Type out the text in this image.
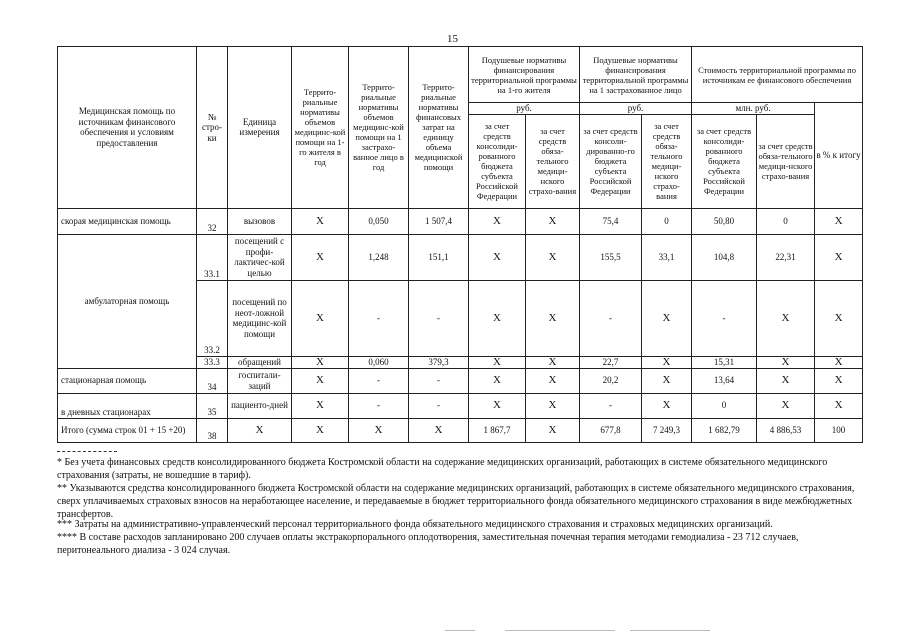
15
Медицинская помощь по источникам финансового обеспечения и условиям предоставления	№ стро-ки	Единица измерения	Террито-риальные нормативы объемов медицинс-кой помощи на 1-го жителя в год	Террито-риальные нормативы объемов медицинс-кой помощи на 1 застрахо-ванное лицо в год	Террито-риальные нормативы финансовых затрат на единицу объема медицинской помощи	Подушевые нормативы финансирования территориальной программы на 1-го жителя		Подушевые нормативы финансирования территориальной программы на 1 застрахованное лицо		Стоимость территориальной программы по источникам ее финансового обеспечения		
						руб.		руб.		млн. руб.		в % к итогу
						за счет средств консолиди-рованного бюджета субъекта Российской Федерации	за счет средств обяза-тельного медици-нского страхо-вания	за счет средств консоли-дированно-го бюджета субъекта Российской Федерации	за счет средств обяза-тельного медици-нского страхо-вания	за счет средств консолиди-рованного бюджета субъекта Российской Федерации	за счет средств обяза-тельного медици-нского страхо-вания	
скорая медицинская помощь	32	вызовов	X	0,050	1 507,4	X	X	75,4	0	50,80	0	X
амбулаторная помощь	33.1	посещений с профи-лактичес-кой целью	X	1,248	151,1	X	X	155,5	33,1	104,8	22,31	X
	33.2	посещений по неот-ложной медицинс-кой помощи	X	-	-	X	X	-	X	-	X	X
	33.3	обращений	X	0,060	379,3	X	X	22,7	X	15,31	X	X
стационарная помощь	34	госпитали-заций	X	-	-	X	X	20,2	X	13,64	X	X
в дневных стационарах	35	пациенто-дней	X	-	-	X	X	-	X	0	X	X
Итого (сумма строк 01 + 15 +20)	38	X	X	X	X	1 867,7	X	677,8	7 249,3	1 682,79	4 886,53	100
* Без учета финансовых средств консолидированного бюджета Костромской области на содержание медицинских организаций, работающих в системе обязательного медицинского страхования (затраты, не вошедшие в тариф).
** Указываются средства консолидированного бюджета Костромской области на содержание медицинских организаций, работающих в системе обязательного медицинского страхования, сверх уплачиваемых страховых взносов на неработающее население, и передаваемые в бюджет территориального фонда обязательного медицинского страхования в виде межбюджетных трансфертов.
*** Затраты на административно-управленческий персонал территориального фонда обязательного медицинского страхования и страховых медицинских организаций.
**** В составе расходов запланировано 200 случаев оплаты экстракорпорального оплодотворения, заместительная почечная терапия методами гемодиализа - 23 712 случаев, перитонеального диализа - 3 024 случая.
